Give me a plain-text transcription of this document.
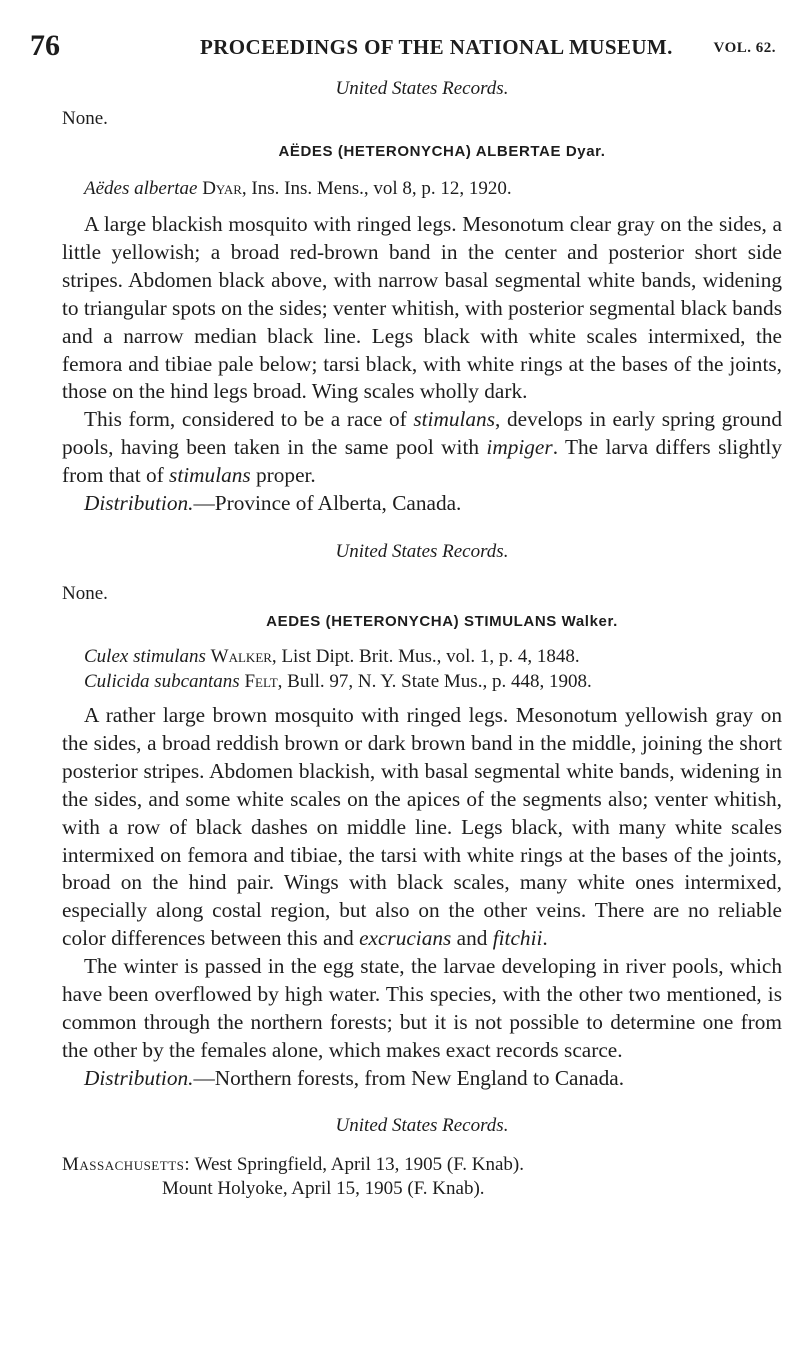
76	PROCEEDINGS OF THE NATIONAL MUSEUM.	VOL. 62.

United States Records.

None.

AËDES (HETERONYCHA) ALBERTAE Dyar.

Aëdes albertae Dyar, Ins. Ins. Mens., vol 8, p. 12, 1920.

A large blackish mosquito with ringed legs. Mesonotum clear gray on the sides, a little yellowish; a broad red-brown band in the center and posterior short side stripes. Abdomen black above, with narrow basal segmental white bands, widening to triangular spots on the sides; venter whitish, with posterior segmental black bands and a narrow median black line. Legs black with white scales intermixed, the femora and tibiae pale below; tarsi black, with white rings at the bases of the joints, those on the hind legs broad. Wing scales wholly dark.

This form, considered to be a race of stimulans, develops in early spring ground pools, having been taken in the same pool with impiger. The larva differs slightly from that of stimulans proper.

Distribution.—Province of Alberta, Canada.

United States Records.

None.

AEDES (HETERONYCHA) STIMULANS Walker.

Culex stimulans Walker, List Dipt. Brit. Mus., vol. 1, p. 4, 1848.

Culicida subcantans Felt, Bull. 97, N. Y. State Mus., p. 448, 1908.

A rather large brown mosquito with ringed legs. Mesonotum yellowish gray on the sides, a broad reddish brown or dark brown band in the middle, joining the short posterior stripes. Abdomen blackish, with basal segmental white bands, widening in the sides, and some white scales on the apices of the segments also; venter whitish, with a row of black dashes on middle line. Legs black, with many white scales intermixed on femora and tibiae, the tarsi with white rings at the bases of the joints, broad on the hind pair. Wings with black scales, many white ones intermixed, especially along costal region, but also on the other veins. There are no reliable color differences between this and excrucians and fitchii.

The winter is passed in the egg state, the larvae developing in river pools, which have been overflowed by high water. This species, with the other two mentioned, is common through the northern forests; but it is not possible to determine one from the other by the females alone, which makes exact records scarce.

Distribution.—Northern forests, from New England to Canada.

United States Records.

Massachusetts: West Springfield, April 13, 1905 (F. Knab).
Mount Holyoke, April 15, 1905 (F. Knab).
